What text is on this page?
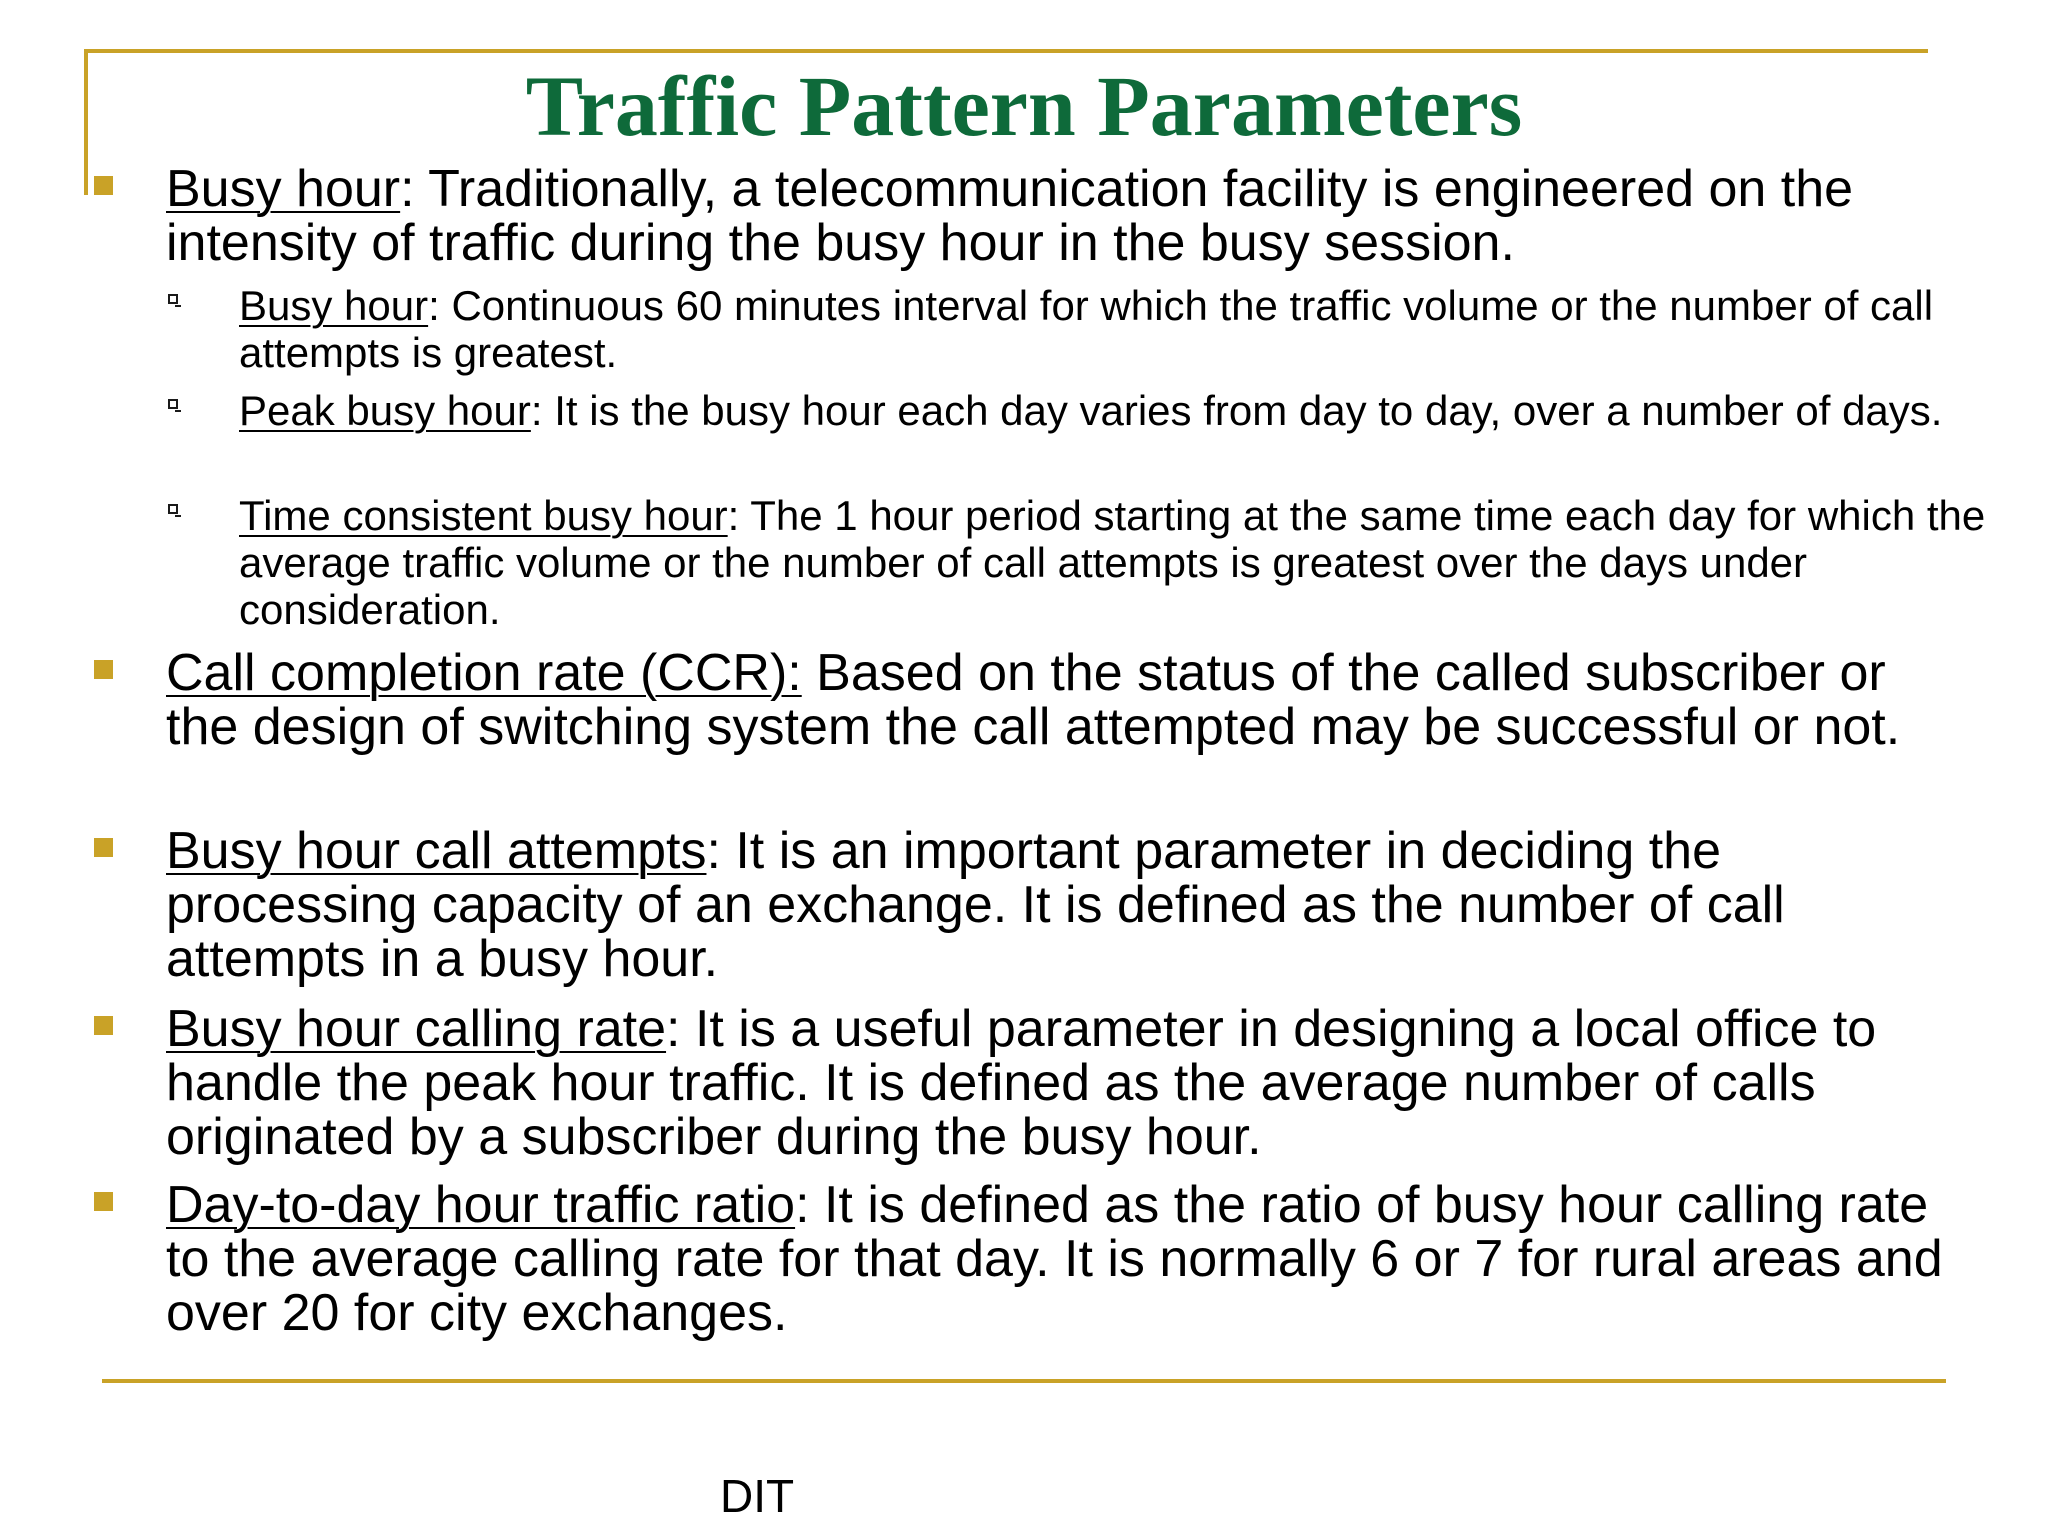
Traffic Pattern Parameters
Busy hour: Traditionally, a telecommunication facility is engineered on the intensity of traffic during the busy hour in the busy session.
Busy hour: Continuous 60 minutes interval for which the traffic volume or the number of call attempts is greatest.
Peak busy hour: It is the busy hour each day varies from day to day, over a number of days.
Time consistent busy hour: The 1 hour period starting at the same time each day for which the average traffic volume or the number of call attempts is greatest over the days under consideration.
Call completion rate (CCR): Based on the status of the called subscriber or the design of switching system the call attempted may be successful or not.
Busy hour call attempts: It is an important parameter in deciding the processing capacity of an exchange. It is defined as the number of call attempts in a busy hour.
Busy hour calling rate: It is a useful parameter in designing a local office to handle the peak hour traffic. It is defined as the average number of calls originated by a subscriber during the busy hour.
Day-to-day hour traffic ratio: It is defined as the ratio of busy hour calling rate to the average calling rate for that day. It is normally 6 or 7 for rural areas and over 20 for city exchanges.
DIT
